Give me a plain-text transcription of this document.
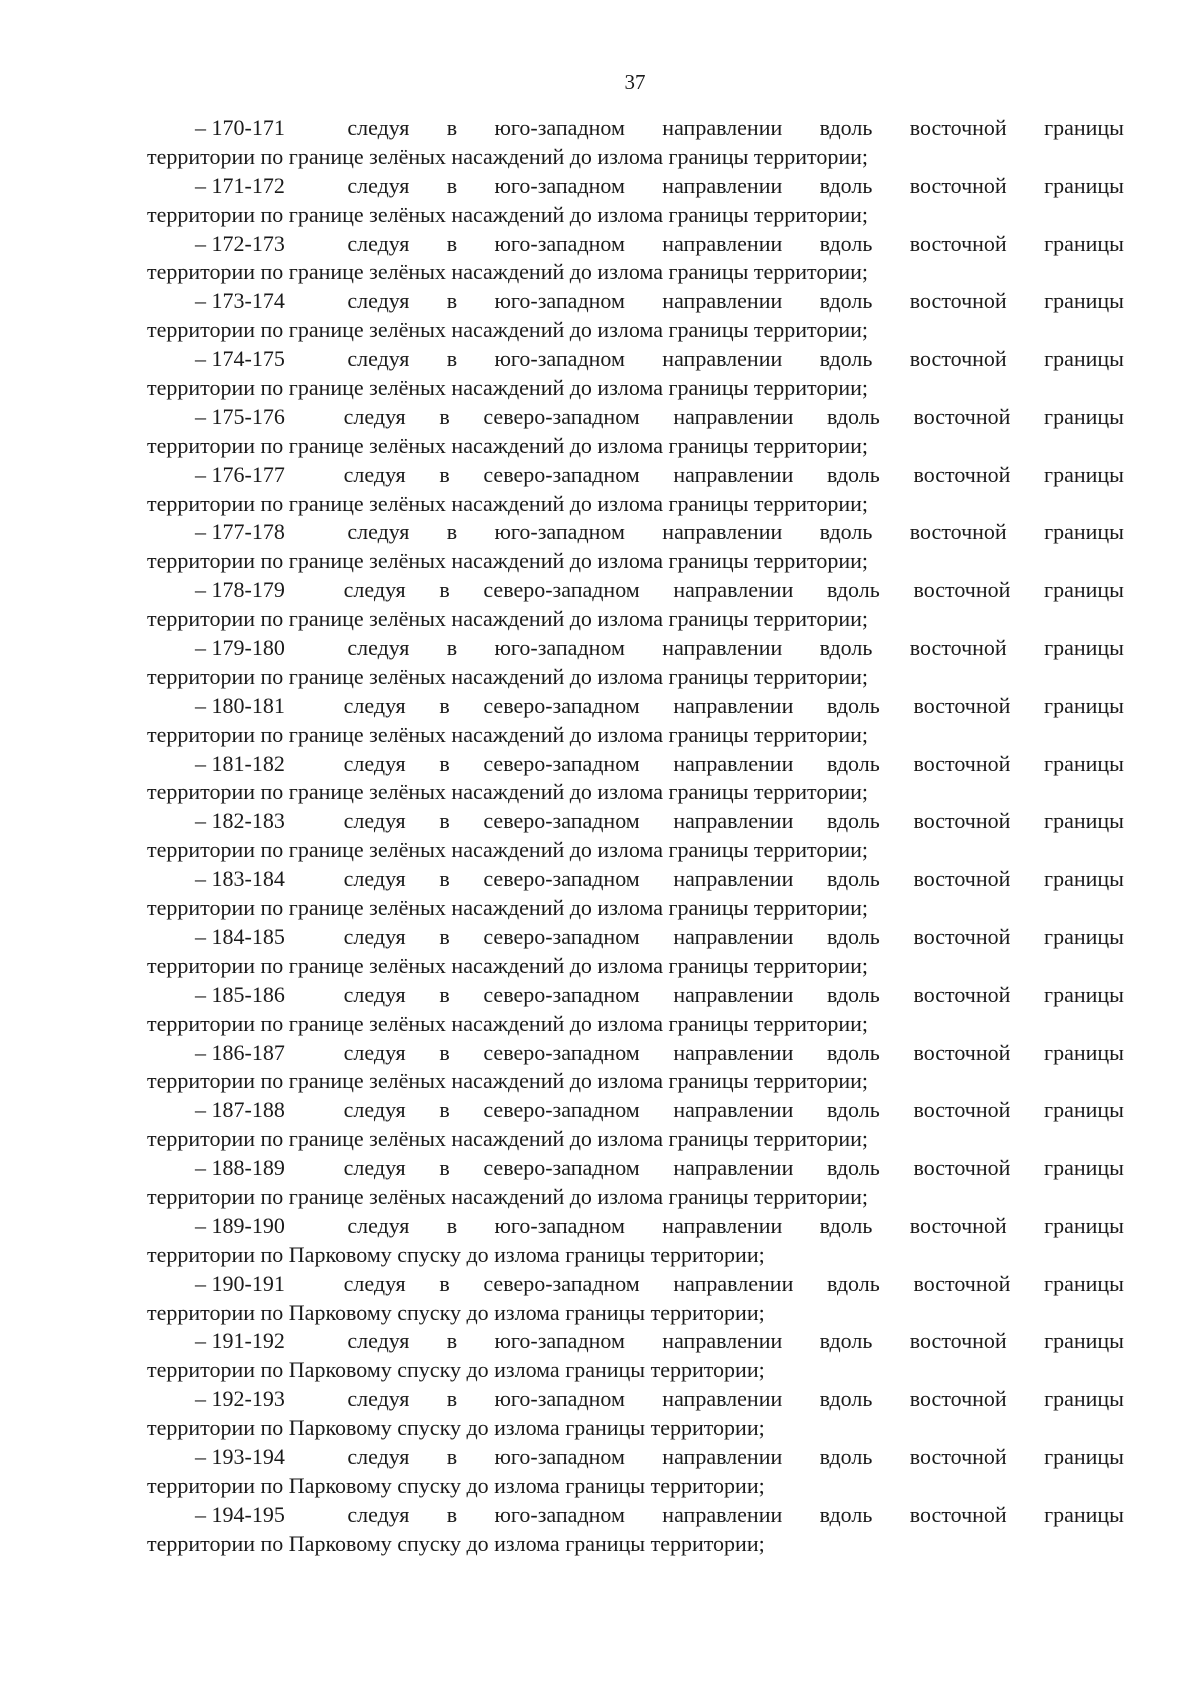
37
– 170-171	следуя в юго-западном направлении вдоль восточной границы
территории по границе зелёных насаждений до излома границы территории;
– 171-172	следуя в юго-западном направлении вдоль восточной границы
территории по границе зелёных насаждений до излома границы территории;
– 172-173	следуя в юго-западном направлении вдоль восточной границы
территории по границе зелёных насаждений до излома границы территории;
– 173-174	следуя в юго-западном направлении вдоль восточной границы
территории по границе зелёных насаждений до излома границы территории;
– 174-175	следуя в юго-западном направлении вдоль восточной границы
территории по границе зелёных насаждений до излома границы территории;
– 175-176	следуя в северо-западном направлении вдоль восточной границы
территории по границе зелёных насаждений до излома границы территории;
– 176-177	следуя в северо-западном направлении вдоль восточной границы
территории по границе зелёных насаждений до излома границы территории;
– 177-178	следуя в юго-западном направлении вдоль восточной границы
территории по границе зелёных насаждений до излома границы территории;
– 178-179	следуя в северо-западном направлении вдоль восточной границы
территории по границе зелёных насаждений до излома границы территории;
– 179-180	следуя в юго-западном направлении вдоль восточной границы
территории по границе зелёных насаждений до излома границы территории;
– 180-181	следуя в северо-западном направлении вдоль восточной границы
территории по границе зелёных насаждений до излома границы территории;
– 181-182	следуя в северо-западном направлении вдоль восточной границы
территории по границе зелёных насаждений до излома границы территории;
– 182-183	следуя в северо-западном направлении вдоль восточной границы
территории по границе зелёных насаждений до излома границы территории;
– 183-184	следуя в северо-западном направлении вдоль восточной границы
территории по границе зелёных насаждений до излома границы территории;
– 184-185	следуя в северо-западном направлении вдоль восточной границы
территории по границе зелёных насаждений до излома границы территории;
– 185-186	следуя в северо-западном направлении вдоль восточной границы
территории по границе зелёных насаждений до излома границы территории;
– 186-187	следуя в северо-западном направлении вдоль восточной границы
территории по границе зелёных насаждений до излома границы территории;
– 187-188	следуя в северо-западном направлении вдоль восточной границы
территории по границе зелёных насаждений до излома границы территории;
– 188-189	следуя в северо-западном направлении вдоль восточной границы
территории по границе зелёных насаждений до излома границы территории;
– 189-190	следуя в юго-западном направлении вдоль восточной границы
территории по Парковому спуску до излома границы территории;
– 190-191	следуя в северо-западном направлении вдоль восточной границы
территории по Парковому спуску до излома границы территории;
– 191-192	следуя в юго-западном направлении вдоль восточной границы
территории по Парковому спуску до излома границы территории;
– 192-193	следуя в юго-западном направлении вдоль восточной границы
территории по Парковому спуску до излома границы территории;
– 193-194	следуя в юго-западном направлении вдоль восточной границы
территории по Парковому спуску до излома границы территории;
– 194-195	следуя в юго-западном направлении вдоль восточной границы
территории по Парковому спуску до излома границы территории;
